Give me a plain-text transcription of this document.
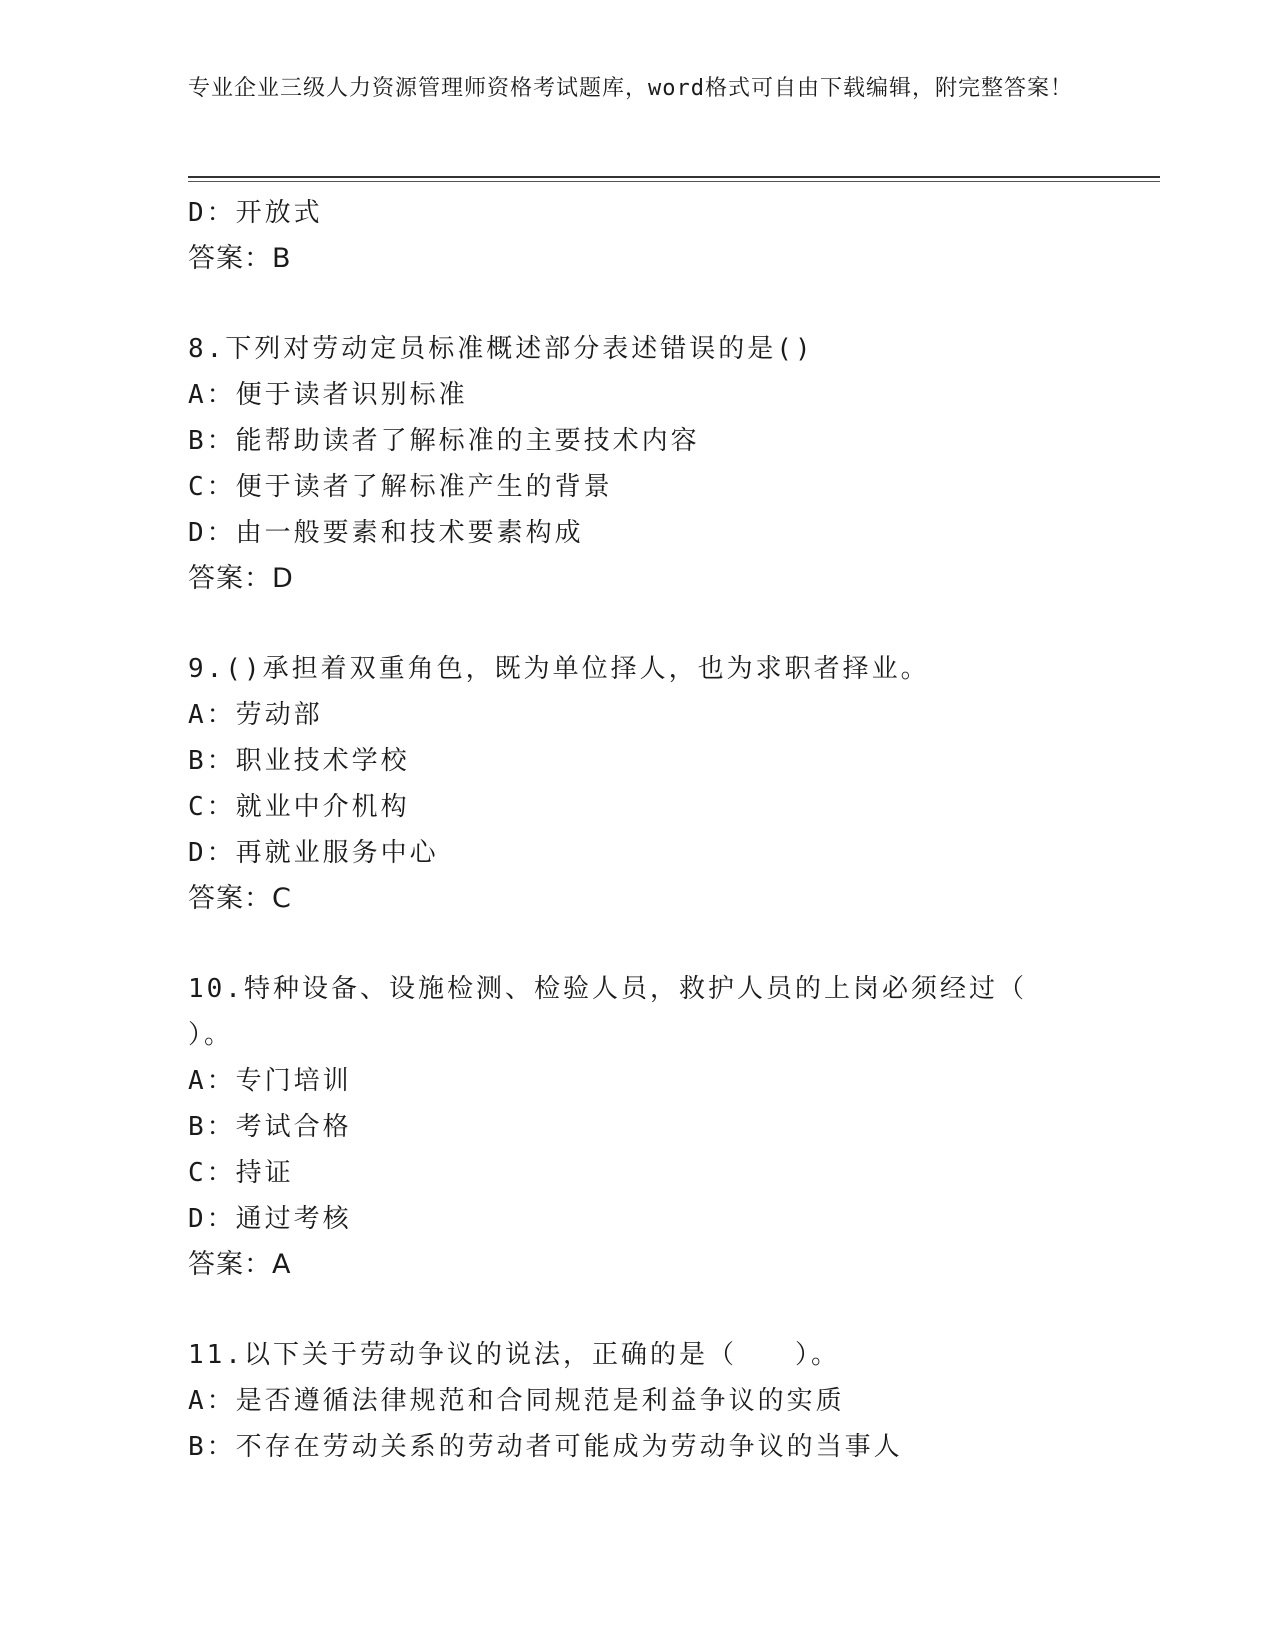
专业企业三级人力资源管理师资格考试题库，word格式可自由下载编辑，附完整答案！

D：开放式

答案：B

8.下列对劳动定员标准概述部分表述错误的是()

A：便于读者识别标准

B：能帮助读者了解标准的主要技术内容

C：便于读者了解标准产生的背景

D：由一般要素和技术要素构成

答案：D

9.()承担着双重角色，既为单位择人，也为求职者择业。

A：劳动部

B：职业技术学校

C：就业中介机构

D：再就业服务中心

答案：C

10.特种设备、设施检测、检验人员，救护人员的上岗必须经过（

）。

A：专门培训

B：考试合格

C：持证

D：通过考核

答案：A

11.以下关于劳动争议的说法，正确的是（　　）。

A：是否遵循法律规范和合同规范是利益争议的实质

B：不存在劳动关系的劳动者可能成为劳动争议的当事人
